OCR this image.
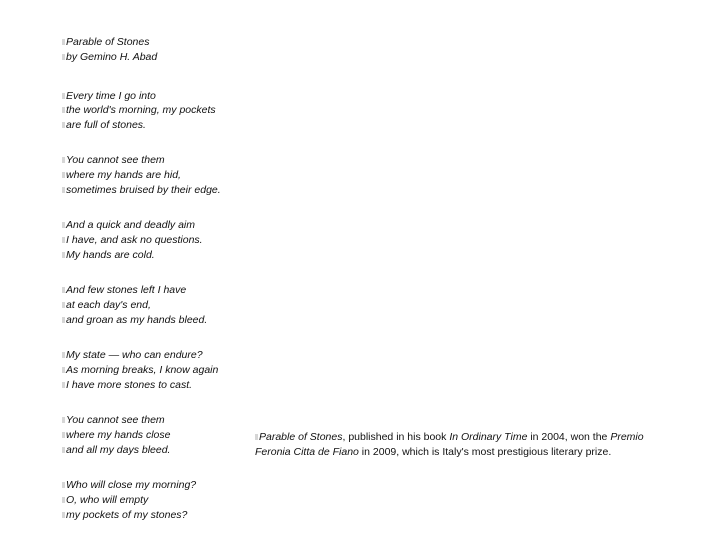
Parable of Stones
by Gemino H. Abad
Every time I go into
the world's morning, my pockets
are full of stones.
You cannot see them
where my hands are hid,
sometimes bruised by their edge.
And a quick and deadly aim
I have, and ask no questions.
My hands are cold.
And few stones left I have
at each day's end,
and groan as my hands bleed.
My state — who can endure?
As morning breaks, I know again
I have more stones to cast.
You cannot see them
where my hands close
and all my days bleed.
Who will close my morning?
O, who will empty
my pockets of my stones?
Parable of Stones, published in his book In Ordinary Time in 2004, won the Premio
Feronia Citta de Fiano in 2009, which is Italy's most prestigious literary prize.
